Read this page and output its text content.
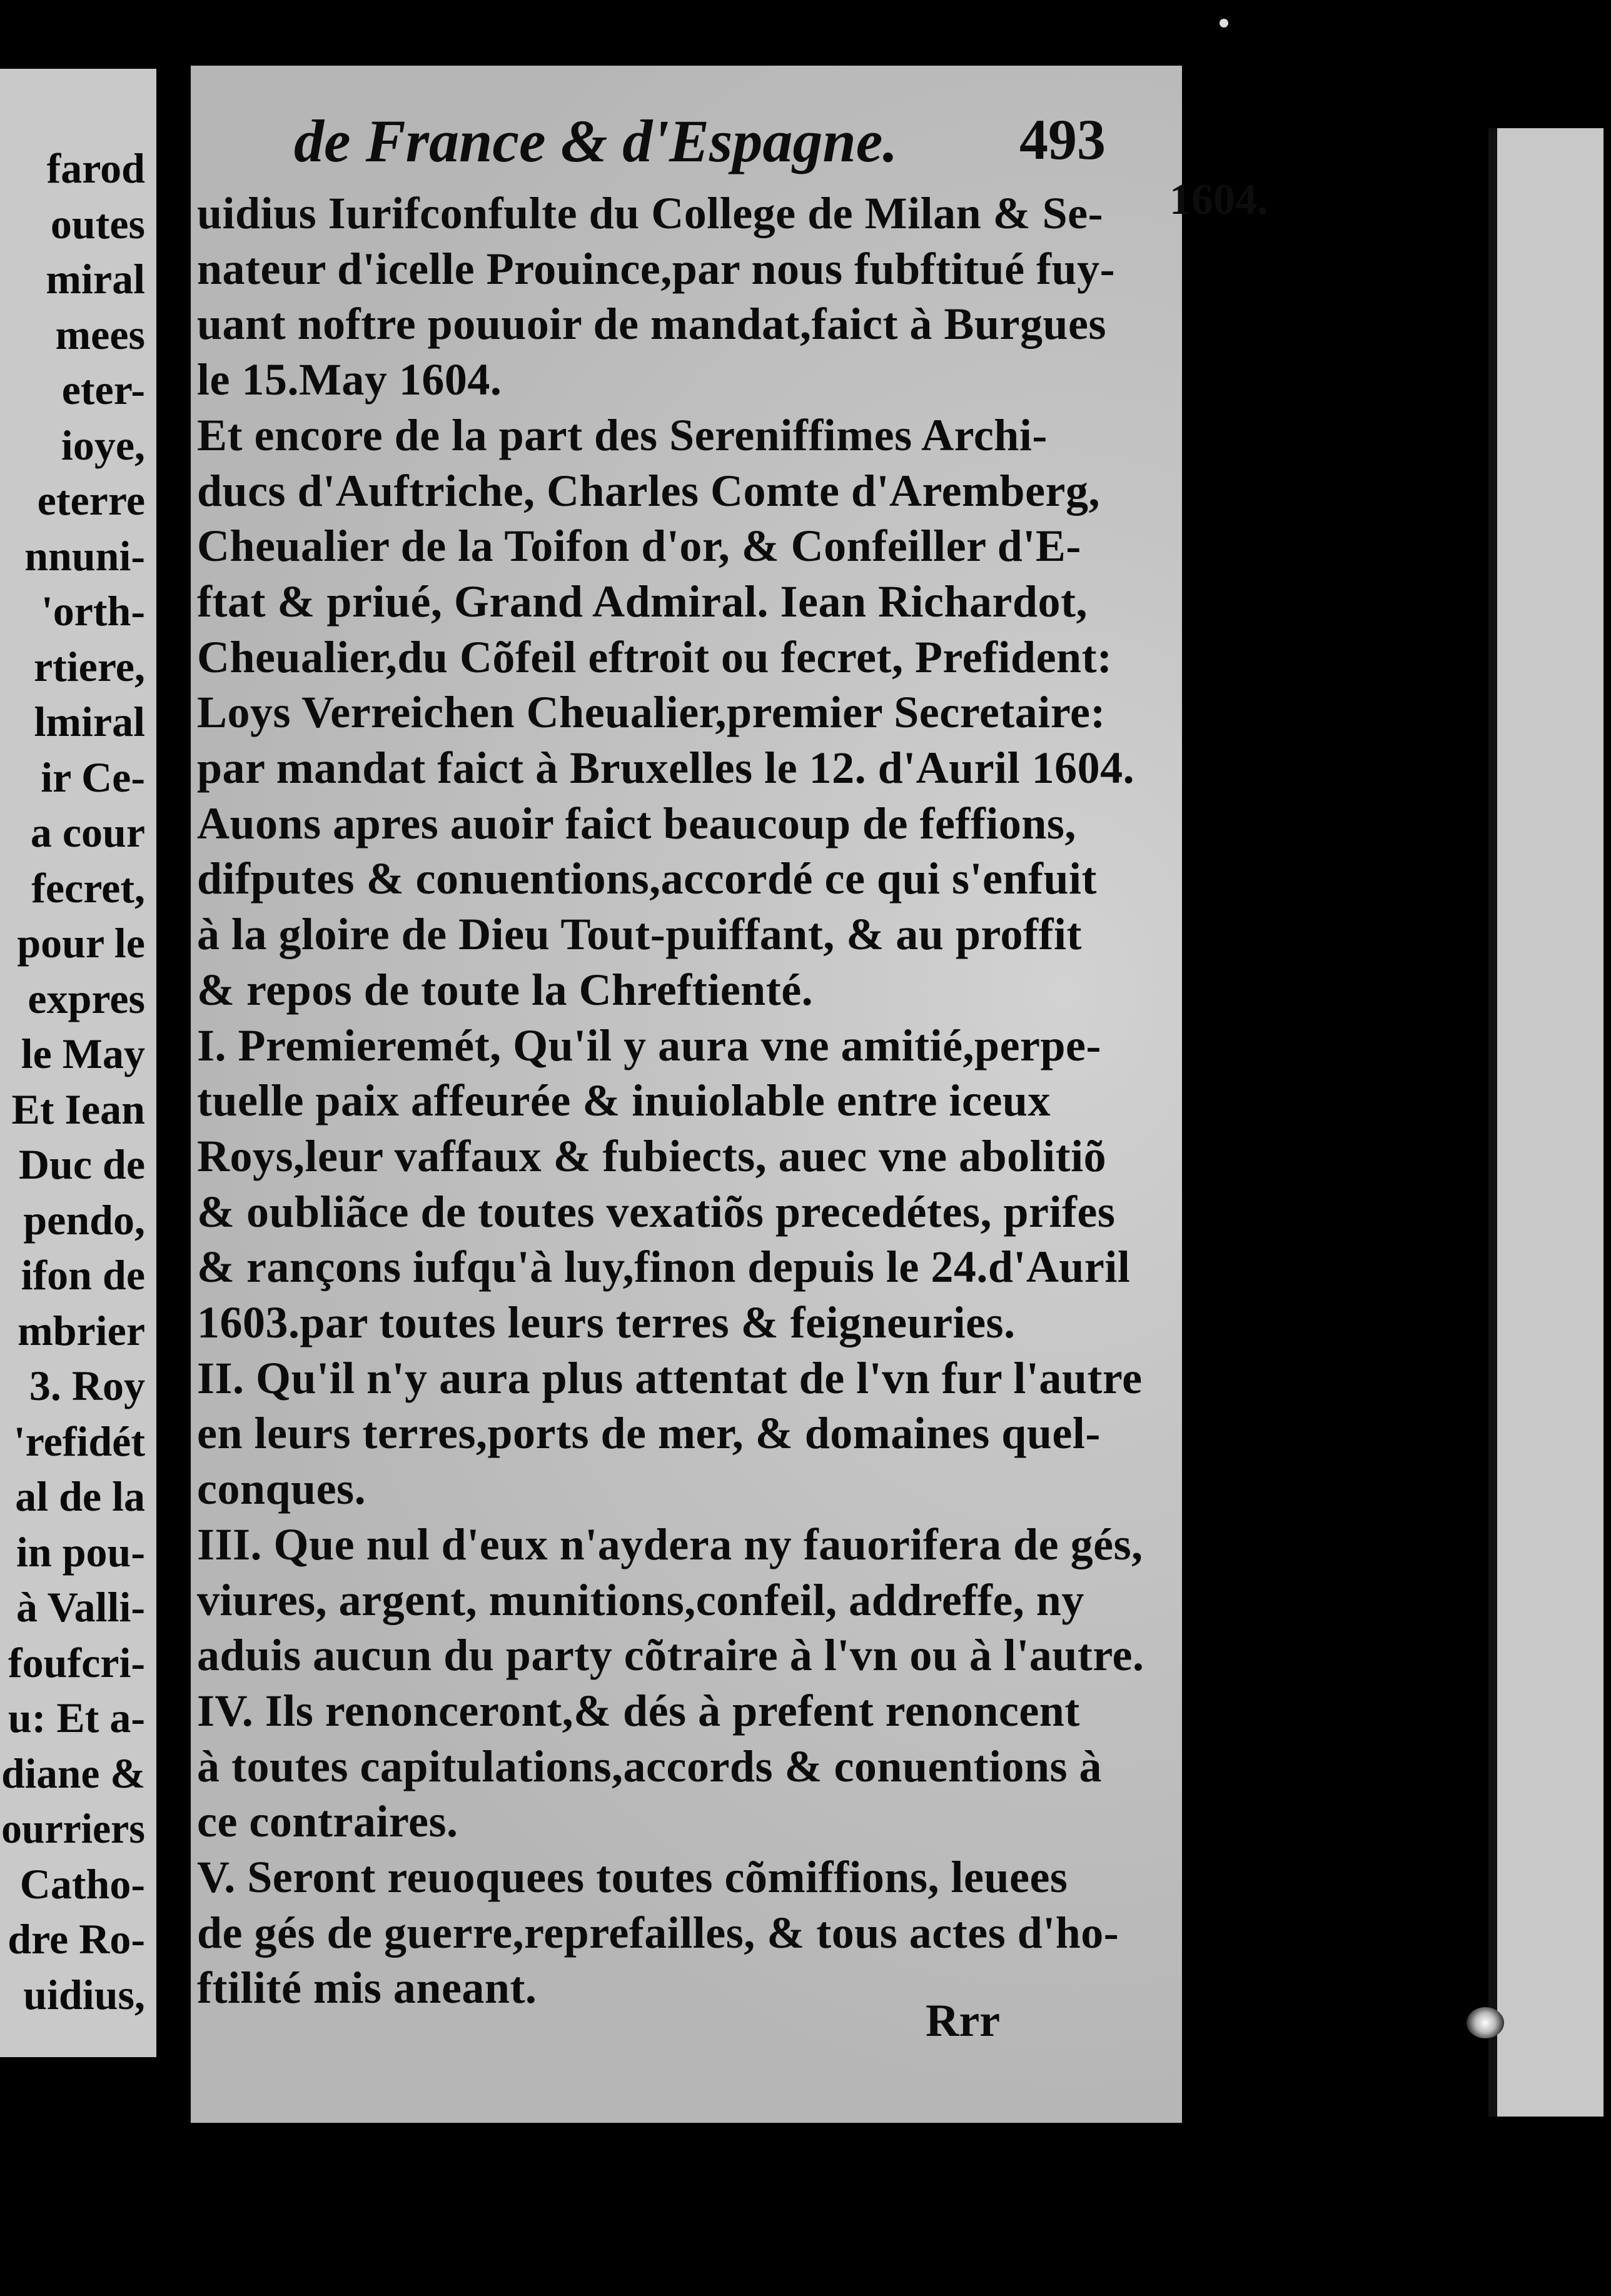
farod
outes
miral
mees
eter-
ioye,
eterre
nnuni-
'orth-
rtiere,
lmiral
ir Ce-
a cour
fecret,
pour le
expres
le May
Et Iean
Duc de
pendo,
ifon de
mbrier
3. Roy
'refidét
al de la
in pou-
à Valli-
foufcri-
u: Et a-
diane &
ourriers
Catho-
dre Ro-
uidius,
de France & d'Espagne. 493
1604.
uidius Iurifconfulte du College de Milan & Se-
nateur d'icelle Prouince,par nous fubftitué fuy-
uant noftre pouuoir de mandat,faict à Burgues
le 15.May 1604.
Et encore de la part des Sereniffimes Archi-
ducs d'Auftriche, Charles Comte d'Aremberg,
Cheualier de la Toifon d'or, & Confeiller d'E-
ftat & priué, Grand Admiral. Iean Richardot,
Cheualier,du Cõfeil eftroit ou fecret, Prefident:
Loys Verreichen Cheualier,premier Secretaire:
par mandat faict à Bruxelles le 12. d'Auril 1604.
Auons apres auoir faict beaucoup de feffions,
difputes & conuentions,accordé ce qui s'enfuit
à la gloire de Dieu Tout-puiffant, & au proffit
& repos de toute la Chreftienté.
I. Premieremét, Qu'il y aura vne amitié,perpe-
tuelle paix affeurée & inuiolable entre iceux
Roys,leur vaffaux & fubiects, auec vne abolitiõ
& oubliãce de toutes vexatiõs precedétes, prifes
& rançons iufqu'à luy,finon depuis le 24.d'Auril
1603.par toutes leurs terres & feigneuries.
II. Qu'il n'y aura plus attentat de l'vn fur l'autre
en leurs terres,ports de mer, & domaines quel-
conques.
III. Que nul d'eux n'aydera ny fauorifera de gés,
viures, argent, munitions,confeil, addreffe, ny
aduis aucun du party cõtraire à l'vn ou à l'autre.
IV. Ils renonceront,& dés à prefent renoncent
à toutes capitulations,accords & conuentions à
ce contraires.
V. Seront reuoquees toutes cõmiffions, leuees
de gés de guerre,reprefailles, & tous actes d'ho-
ftilité mis aneant.
Rrr
